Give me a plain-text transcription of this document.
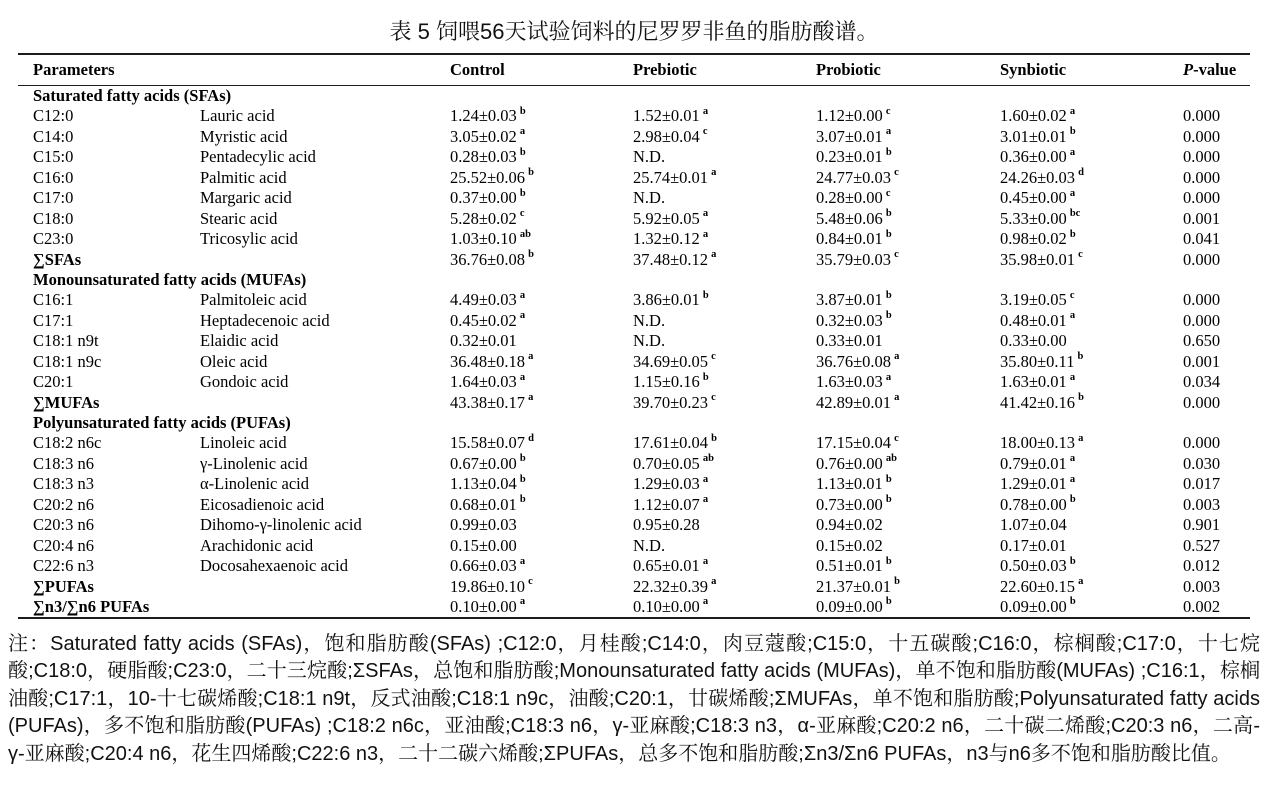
表 5 饲喂56天试验饲料的尼罗罗非鱼的脂肪酸谱。
Parameters	Control	Prebiotic	Probiotic	Synbiotic	P-value
Saturated fatty acids (SFAs)
C12:0	Lauric acid	1.24±0.03 $^b$	1.52±0.01 $^a$	1.12±0.00 $^c$	1.60±0.02 $^a$	0.000
C14:0	Myristic acid	3.05±0.02 $^a$	2.98±0.04 $^c$	3.07±0.01 $^a$	3.01±0.01 $^b$	0.000
C15:0	Pentadecylic acid	0.28±0.03 $^b$	N.D.	0.23±0.01 $^b$	0.36±0.00 $^a$	0.000
C16:0	Palmitic acid	25.52±0.06 $^b$	25.74±0.01 $^a$	24.77±0.03 $^c$	24.26±0.03 $^d$	0.000
C17:0	Margaric acid	0.37±0.00 $^b$	N.D.	0.28±0.00 $^c$	0.45±0.00 $^a$	0.000
C18:0	Stearic acid	5.28±0.02 $^c$	5.92±0.05 $^a$	5.48±0.06 $^b$	5.33±0.00 $^{bc}$	0.001
C23:0	Tricosylic acid	1.03±0.10 $^{ab}$	1.32±0.12 $^a$	0.84±0.01 $^b$	0.98±0.02 $^b$	0.041
∑SFAs	36.76±0.08 $^b$	37.48±0.12 $^a$	35.79±0.03 $^c$	35.98±0.01 $^c$	0.000
Monounsaturated fatty acids (MUFAs)
C16:1	Palmitoleic acid	4.49±0.03 $^a$	3.86±0.01 $^b$	3.87±0.01 $^b$	3.19±0.05 $^c$	0.000
C17:1	Heptadecenoic acid	0.45±0.02 $^a$	N.D.	0.32±0.03 $^b$	0.48±0.01 $^a$	0.000
C18:1 n9t	Elaidic acid	0.32±0.01	N.D.	0.33±0.01	0.33±0.00	0.650
C18:1 n9c	Oleic acid	36.48±0.18 $^a$	34.69±0.05 $^c$	36.76±0.08 $^a$	35.80±0.11 $^b$	0.001
C20:1	Gondoic acid	1.64±0.03 $^a$	1.15±0.16 $^b$	1.63±0.03 $^a$	1.63±0.01 $^a$	0.034
∑MUFAs	43.38±0.17 $^a$	39.70±0.23 $^c$	42.89±0.01 $^a$	41.42±0.16 $^b$	0.000
Polyunsaturated fatty acids (PUFAs)
C18:2 n6c	Linoleic acid	15.58±0.07 $^d$	17.61±0.04 $^b$	17.15±0.04 $^c$	18.00±0.13 $^a$	0.000
C18:3 n6	γ-Linolenic acid	0.67±0.00 $^b$	0.70±0.05 $^{ab}$	0.76±0.00 $^{ab}$	0.79±0.01 $^a$	0.030
C18:3 n3	α-Linolenic acid	1.13±0.04 $^b$	1.29±0.03 $^a$	1.13±0.01 $^b$	1.29±0.01 $^a$	0.017
C20:2 n6	Eicosadienoic acid	0.68±0.01 $^b$	1.12±0.07 $^a$	0.73±0.00 $^b$	0.78±0.00 $^b$	0.003
C20:3 n6	Dihomo-γ-linolenic acid	0.99±0.03	0.95±0.28	0.94±0.02	1.07±0.04	0.901
C20:4 n6	Arachidonic acid	0.15±0.00	N.D.	0.15±0.02	0.17±0.01	0.527
C22:6 n3	Docosahexaenoic acid	0.66±0.03 $^a$	0.65±0.01 $^a$	0.51±0.01 $^b$	0.50±0.03 $^b$	0.012
∑PUFAs	19.86±0.10 $^c$	22.32±0.39 $^a$	21.37±0.01 $^b$	22.60±0.15 $^a$	0.003
∑n3/∑n6 PUFAs	0.10±0.00 $^a$	0.10±0.00 $^a$	0.09±0.00 $^b$	0.09±0.00 $^b$	0.002
注：Saturated fatty acids (SFAs)，饱和脂肪酸(SFAs) ;C12:0，月桂酸;C14:0，肉豆蔻酸;C15:0，十五碳酸;C16:0，棕榈酸;C17:0，十七烷酸;C18:0，硬脂酸;C23:0，二十三烷酸;ΣSFAs，总饱和脂肪酸;Monounsaturated fatty acids (MUFAs)，单不饱和脂肪酸(MUFAs) ;C16:1，棕榈油酸;C17:1，10-十七碳烯酸;C18:1 n9t，反式油酸;C18:1 n9c，油酸;C20:1，廿碳烯酸;ΣMUFAs，单不饱和脂肪酸;Polyunsaturated fatty acids (PUFAs)，多不饱和脂肪酸(PUFAs) ;C18:2 n6c，亚油酸;C18:3 n6，γ-亚麻酸;C18:3 n3，α-亚麻酸;C20:2 n6，二十碳二烯酸;C20:3 n6，二高-γ-亚麻酸;C20:4 n6，花生四烯酸;C22:6 n3，二十二碳六烯酸;ΣPUFAs，总多不饱和脂肪酸;Σn3/Σn6 PUFAs，n3与n6多不饱和脂肪酸比值。
